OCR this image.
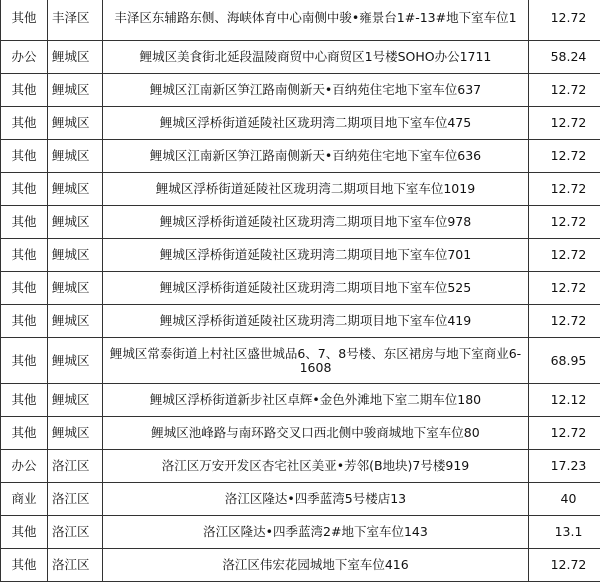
其他	丰泽区	丰泽区东辅路东侧、海峡体育中心南侧中骏•雍景台1#-13#地下室车位1	12.72
办公	鲤城区	鲤城区美食街北延段温陵商贸中心商贸区1号楼SOHO办公1711	58.24
其他	鲤城区	鲤城区江南新区笋江路南侧新天•百纳苑住宅地下室车位637	12.72
其他	鲤城区	鲤城区浮桥街道延陵社区珑玥湾二期项目地下室车位475	12.72
其他	鲤城区	鲤城区江南新区笋江路南侧新天•百纳苑住宅地下室车位636	12.72
其他	鲤城区	鲤城区浮桥街道延陵社区珑玥湾二期项目地下室车位1019	12.72
其他	鲤城区	鲤城区浮桥街道延陵社区珑玥湾二期项目地下室车位978	12.72
其他	鲤城区	鲤城区浮桥街道延陵社区珑玥湾二期项目地下室车位701	12.72
其他	鲤城区	鲤城区浮桥街道延陵社区珑玥湾二期项目地下室车位525	12.72
其他	鲤城区	鲤城区浮桥街道延陵社区珑玥湾二期项目地下室车位419	12.72
其他	鲤城区	鲤城区常泰街道上村社区盛世城品6、7、8号楼、东区裙房与地下室商业6-1608	68.95
其他	鲤城区	鲤城区浮桥街道新步社区卓辉•金色外滩地下室二期车位180	12.12
其他	鲤城区	鲤城区池峰路与南环路交叉口西北侧中骏商城地下室车位80	12.72
办公	洛江区	洛江区万安开发区杏宅社区美亚•芳邻(B地块)7号楼919	17.23
商业	洛江区	洛江区隆达•四季蓝湾5号楼店13	40
其他	洛江区	洛江区隆达•四季蓝湾2#地下室车位143	13.1
其他	洛江区	洛江区伟宏花园城地下室车位416	12.72
